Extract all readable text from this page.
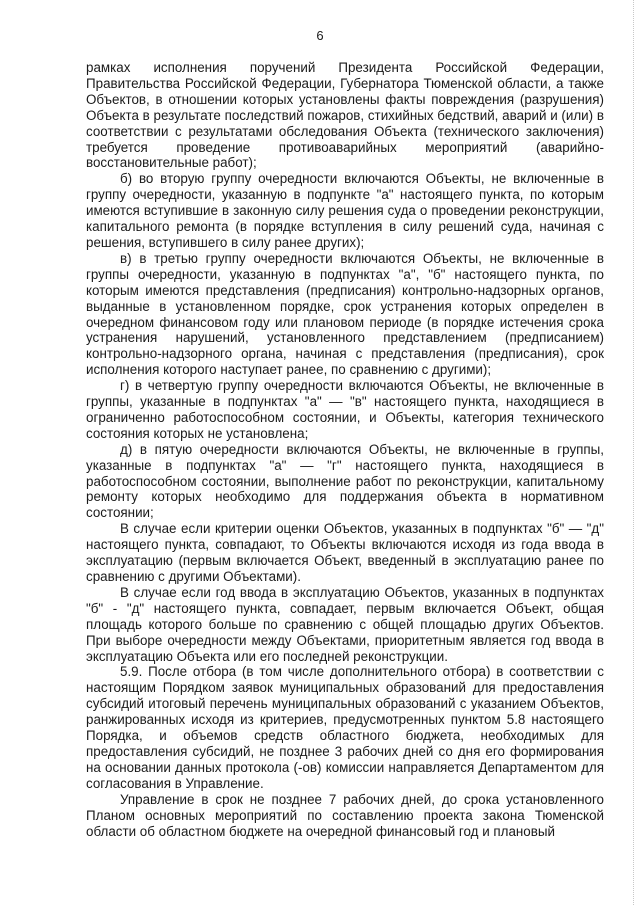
6

рамках исполнения поручений Президента Российской Федерации, Правительства Российской Федерации, Губернатора Тюменской области, а также Объектов, в отношении которых установлены факты повреждения (разрушения) Объекта в результате последствий пожаров, стихийных бедствий, аварий и (или) в соответствии с результатами обследования Объекта (технического заключения) требуется проведение противоаварийных мероприятий (аварийно-восстановительные работ);

б) во вторую группу очередности включаются Объекты, не включенные в группу очередности, указанную в подпункте "а" настоящего пункта, по которым имеются вступившие в законную силу решения суда о проведении реконструкции, капитального ремонта (в порядке вступления в силу решений суда, начиная с решения, вступившего в силу ранее других);

в) в третью группу очередности включаются Объекты, не включенные в группы очередности, указанную в подпунктах "а", "б" настоящего пункта, по которым имеются представления (предписания) контрольно-надзорных органов, выданные в установленном порядке, срок устранения которых определен в очередном финансовом году или плановом периоде (в порядке истечения срока устранения нарушений, установленного представлением (предписанием) контрольно-надзорного органа, начиная с представления (предписания), срок исполнения которого наступает ранее, по сравнению с другими);

г) в четвертую группу очередности включаются Объекты, не включенные в группы, указанные в подпунктах "а" — "в" настоящего пункта, находящиеся в ограниченно работоспособном состоянии, и Объекты, категория технического состояния которых не установлена;

д) в пятую очередности включаются Объекты, не включенные в группы, указанные в подпунктах "а" — "г" настоящего пункта, находящиеся в работоспособном состоянии, выполнение работ по реконструкции, капитальному ремонту которых необходимо для поддержания объекта в нормативном состоянии;

В случае если критерии оценки Объектов, указанных в подпунктах "б" — "д" настоящего пункта, совпадают, то Объекты включаются исходя из года ввода в эксплуатацию (первым включается Объект, введенный в эксплуатацию ранее по сравнению с другими Объектами).

В случае если год ввода в эксплуатацию Объектов, указанных в подпунктах "б" - "д" настоящего пункта, совпадает, первым включается Объект, общая площадь которого больше по сравнению с общей площадью других Объектов. При выборе очередности между Объектами, приоритетным является год ввода в эксплуатацию Объекта или его последней реконструкции.

5.9. После отбора (в том числе дополнительного отбора) в соответствии с настоящим Порядком заявок муниципальных образований для предоставления субсидий итоговый перечень муниципальных образований с указанием Объектов, ранжированных исходя из критериев, предусмотренных пунктом 5.8 настоящего Порядка, и объемов средств областного бюджета, необходимых для предоставления субсидий, не позднее 3 рабочих дней со дня его формирования на основании данных протокола (-ов) комиссии направляется Департаментом для согласования в Управление.

Управление в срок не позднее 7 рабочих дней, до срока установленного Планом основных мероприятий по составлению проекта закона Тюменской области об областном бюджете на очередной финансовый год и плановый
